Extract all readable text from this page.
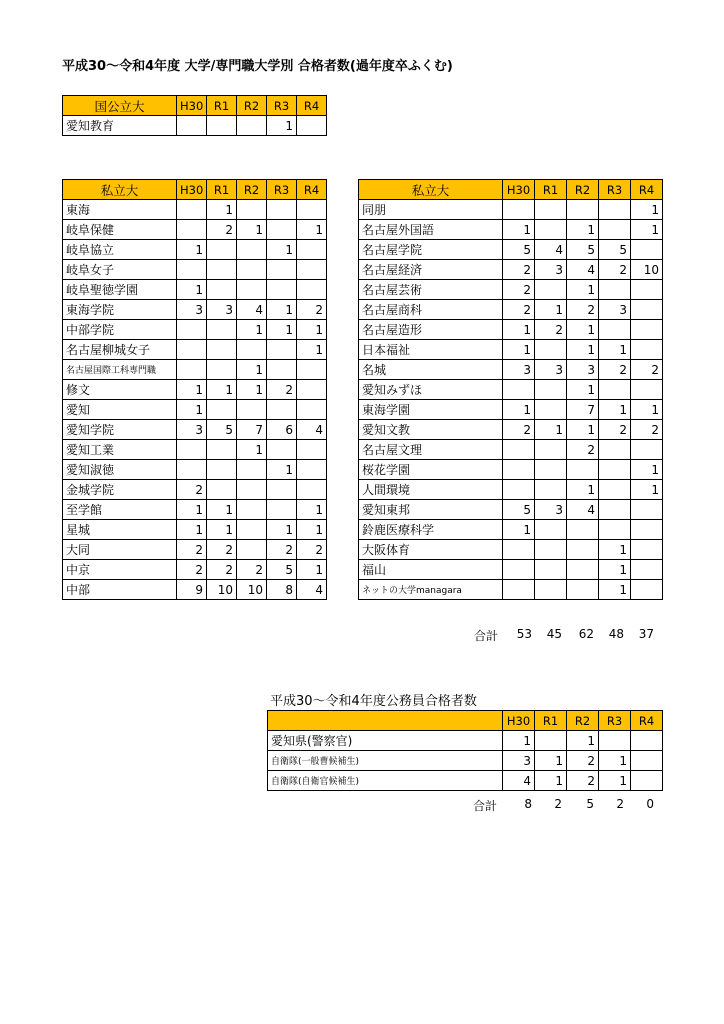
平成30～令和4年度 大学/専門職大学別 合格者数(過年度卒ふくむ)
国公立大	H30	R1	R2	R3	R4
愛知教育				1	
私立大	H30	R1	R2	R3	R4
東海		1			
岐阜保健		2	1		1
岐阜協立	1			1	
岐阜女子					
岐阜聖徳学園	1				
東海学院	3	3	4	1	2
中部学院			1	1	1
名古屋柳城女子					1
名古屋国際工科専門職			1		
修文	1	1	1	2	
愛知	1				
愛知学院	3	5	7	6	4
愛知工業			1		
愛知淑徳				1	
金城学院	2				
至学館	1	1			1
星城	1	1		1	1
大同	2	2		2	2
中京	2	2	2	5	1
中部	9	10	10	8	4
私立大	H30	R1	R2	R3	R4
同朋					1
名古屋外国語	1		1		1
名古屋学院	5	4	5	5	
名古屋経済	2	3	4	2	10
名古屋芸術	2		1		
名古屋商科	2	1	2	3	
名古屋造形	1	2	1		
日本福祉	1		1	1	
名城	3	3	3	2	2
愛知みずほ			1		
東海学園	1		7	1	1
愛知文教	2	1	1	2	2
名古屋文理			2		
桜花学園					1
人間環境			1		1
愛知東邦	5	3	4		
鈴鹿医療科学	1				
大阪体育				1	
福山				1	
ネットの大学managara				1	
合計	53	45	62	48	37
平成30～令和4年度公務員合格者数
	H30	R1	R2	R3	R4
愛知県(警察官)	1		1		
自衛隊(一般曹候補生)	3	1	2	1	
自衛隊(自衛官候補生)	4	1	2	1	
合計	8	2	5	2	0
